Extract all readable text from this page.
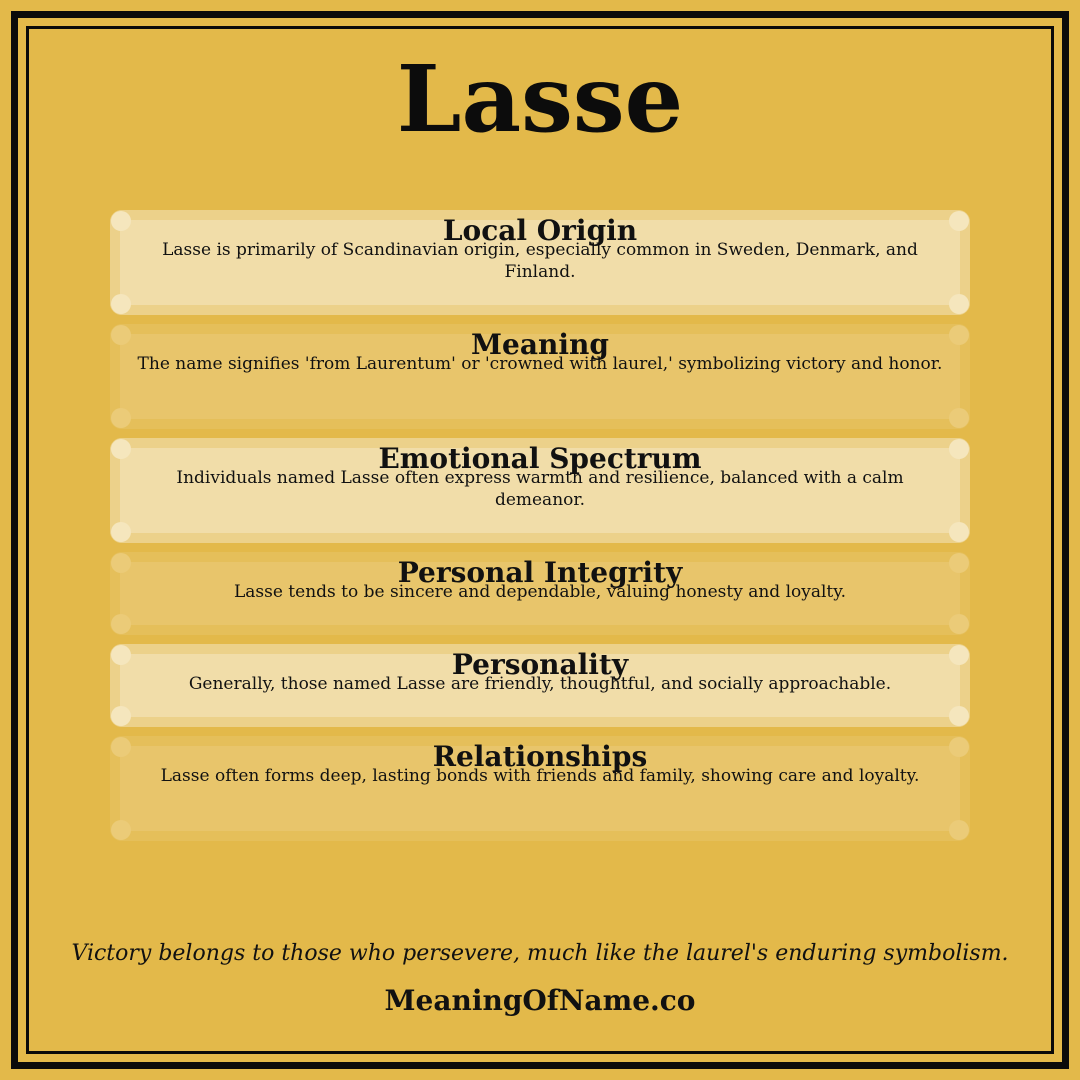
Lasse
Local Origin
Lasse is primarily of Scandinavian origin, especially common in Sweden, Denmark, and Finland.
Meaning
The name signifies 'from Laurentum' or 'crowned with laurel,' symbolizing victory and honor.
Emotional Spectrum
Individuals named Lasse often express warmth and resilience, balanced with a calm demeanor.
Personal Integrity
Lasse tends to be sincere and dependable, valuing honesty and loyalty.
Personality
Generally, those named Lasse are friendly, thoughtful, and socially approachable.
Relationships
Lasse often forms deep, lasting bonds with friends and family, showing care and loyalty.
Victory belongs to those who persevere, much like the laurel's enduring symbolism.
MeaningOfName.co
